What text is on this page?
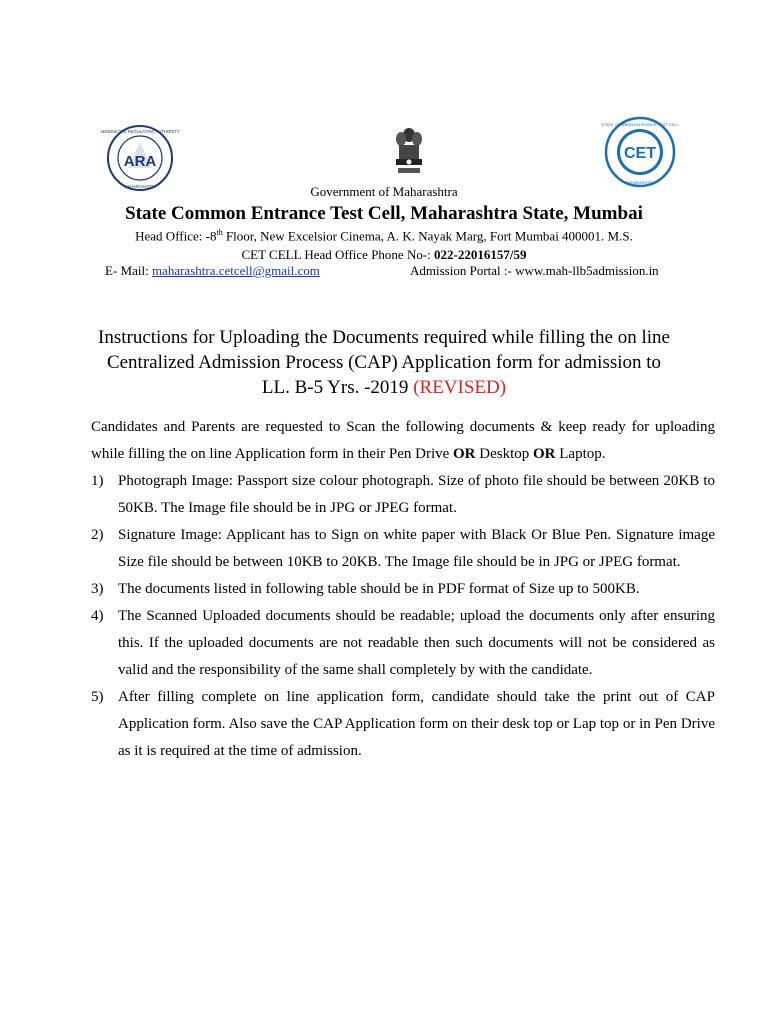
ARA
ADMISSIONS REGULATING AUTHORITY
MAHARASHTRA
CET
STATE COMMON ENTRANCE TEST CELL
MAHARASHTRA
Government of Maharashtra
State Common Entrance Test Cell, Maharashtra State, Mumbai
Head Office: -8th Floor, New Excelsior Cinema, A. K. Nayak Marg, Fort Mumbai 400001. M.S.
CET CELL Head Office Phone No-: 022-22016157/59
E- Mail: maharashtra.cetcell@gmail.com	Admission Portal :- www.mah-llb5admission.in
Instructions for Uploading the Documents required while filling the on line
Centralized Admission Process (CAP) Application form for admission to
LL. B-5 Yrs. -2019 (REVISED)

Candidates and Parents are requested to Scan the following documents & keep ready for uploading while filling the on line Application form in their Pen Drive OR Desktop OR Laptop.

1) Photograph Image: Passport size colour photograph. Size of photo file should be between 20KB to 50KB. The Image file should be in JPG or JPEG format.
2) Signature Image: Applicant has to Sign on white paper with Black Or Blue Pen. Signature image Size file should be between 10KB to 20KB. The Image file should be in JPG or JPEG format.
3) The documents listed in following table should be in PDF format of Size up to 500KB.
4) The Scanned Uploaded documents should be readable; upload the documents only after ensuring this. If the uploaded documents are not readable then such documents will not be considered as valid and the responsibility of the same shall completely by with the candidate.
5) After filling complete on line application form, candidate should take the print out of CAP Application form. Also save the CAP Application form on their desk top or Lap top or in Pen Drive as it is required at the time of admission.
